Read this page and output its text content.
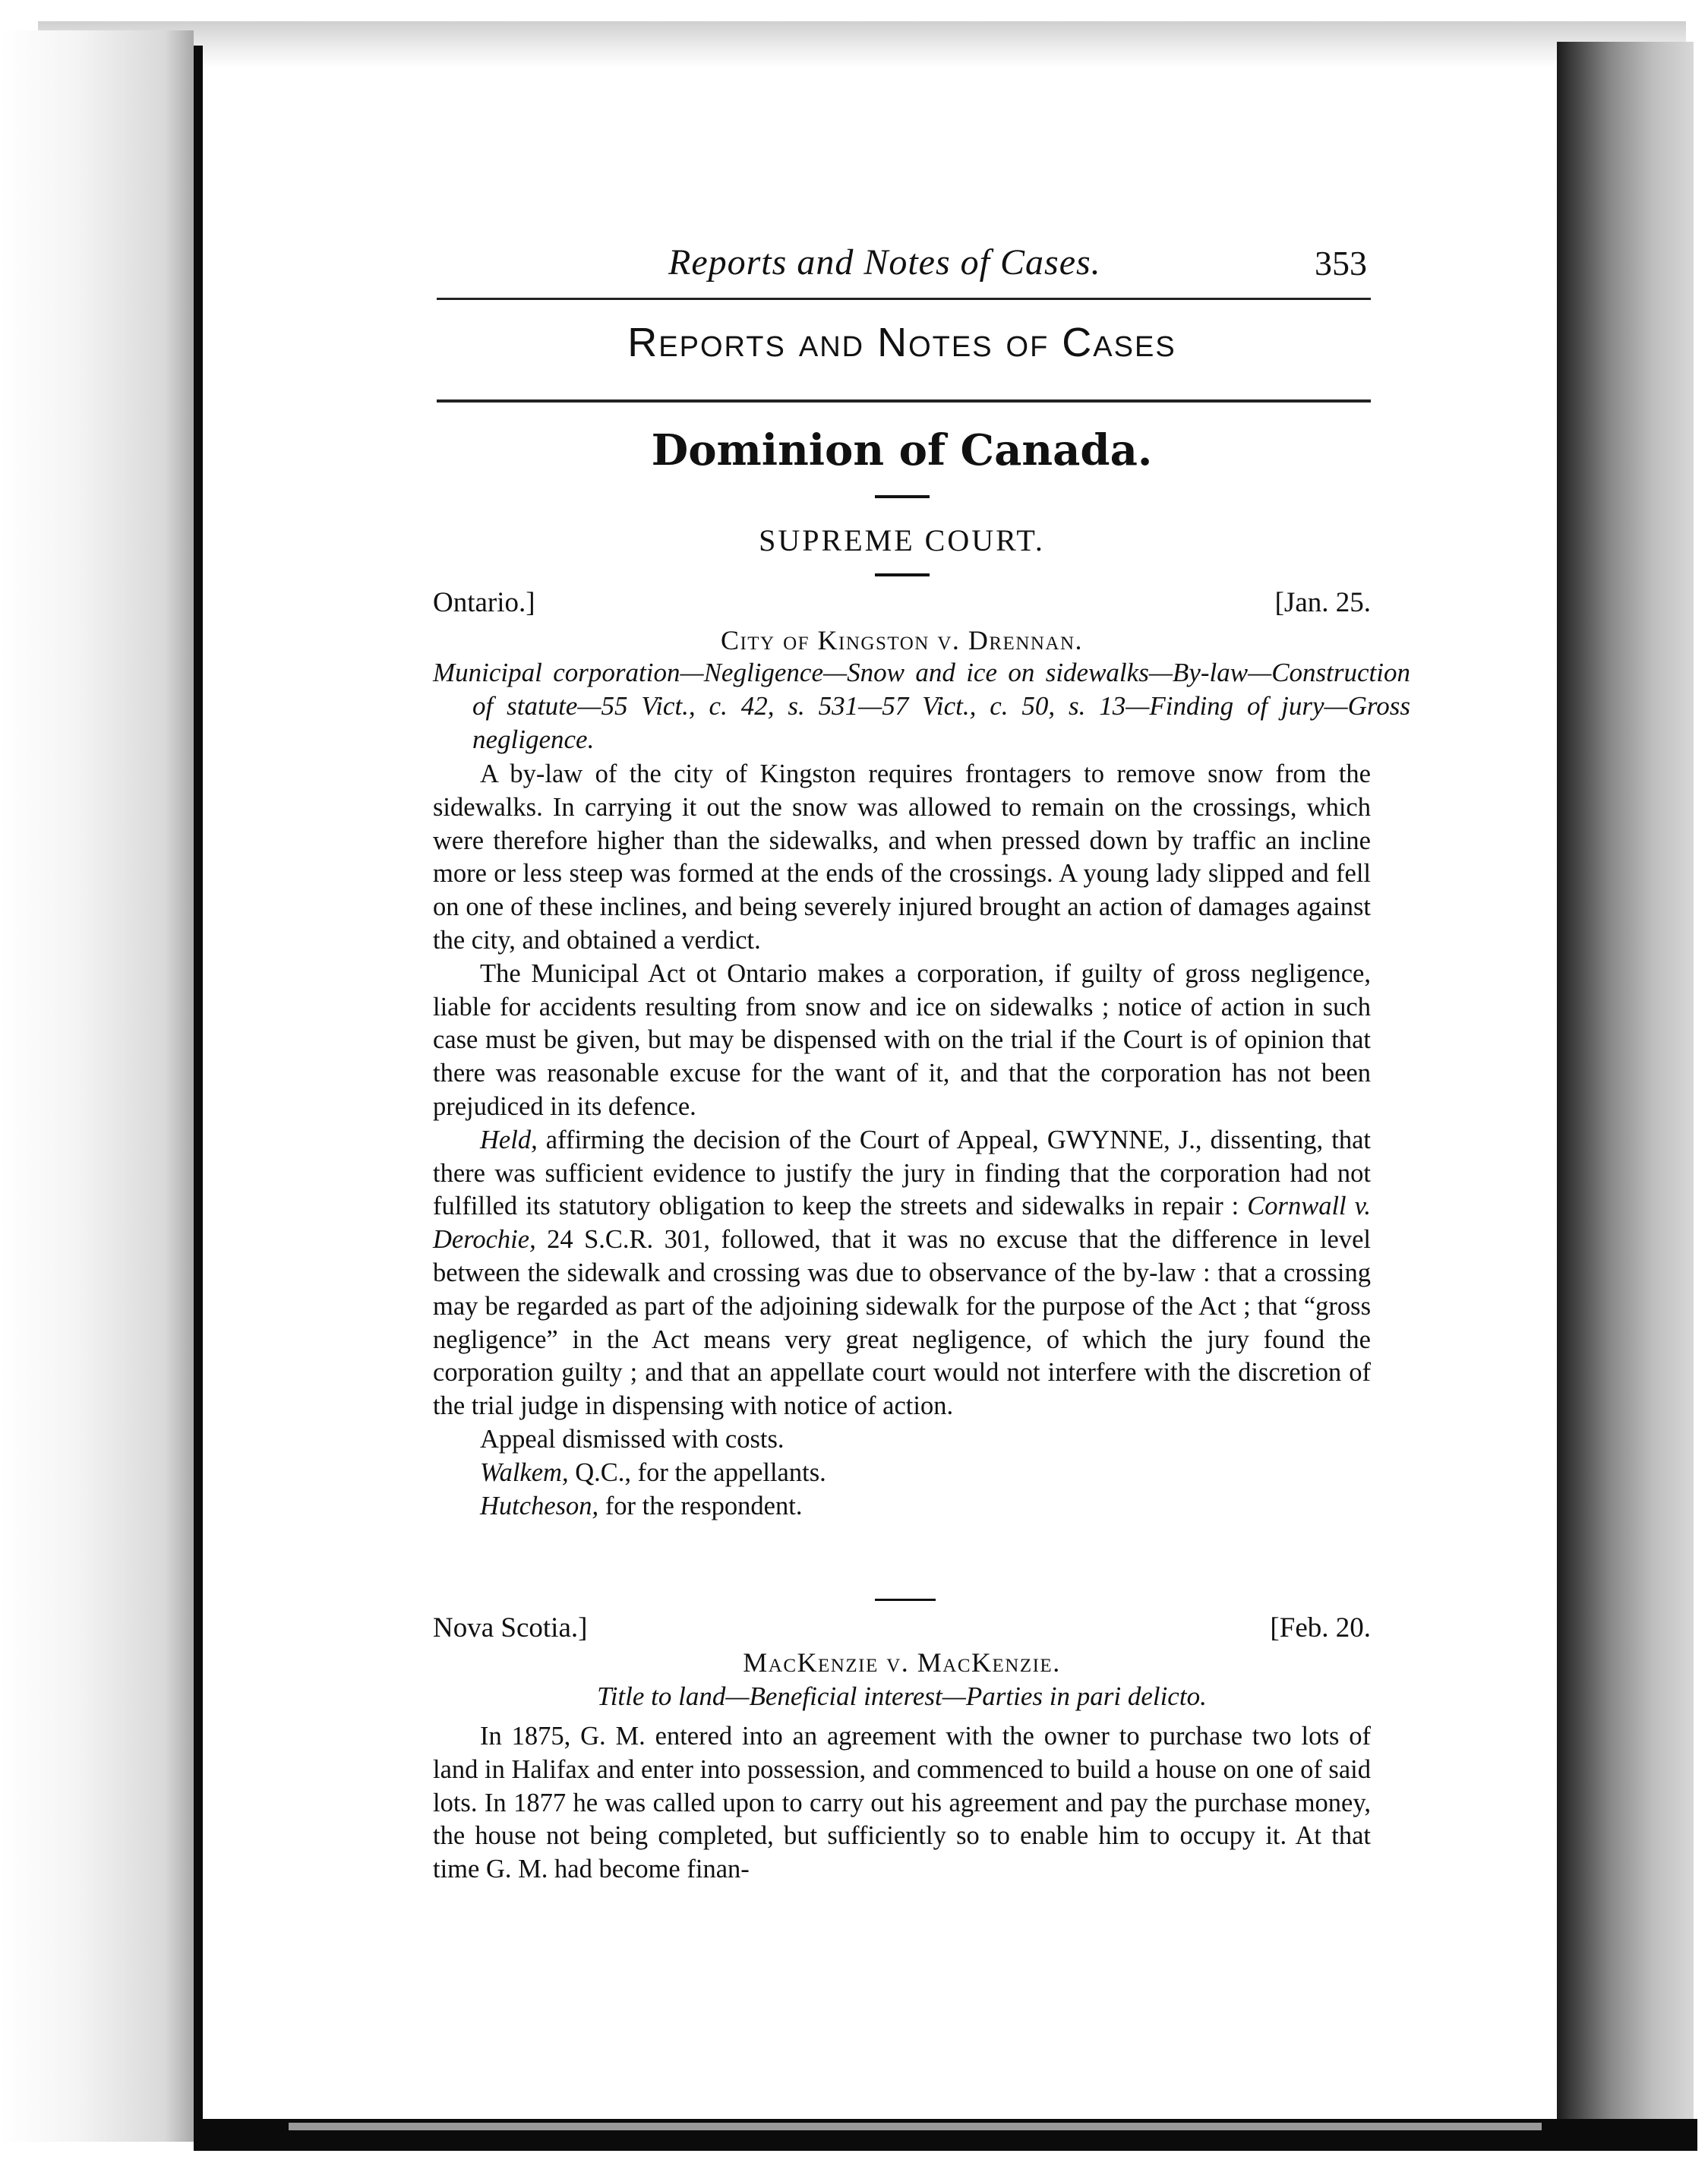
Reports and Notes of Cases.	353
Reports and Notes of Cases
Dominion of Canada.
SUPREME COURT.
Ontario.]	[Jan. 25.
City of Kingston v. Drennan.
Municipal corporation—Negligence—Snow and ice on sidewalks—By-law—Construction of statute—55 Vict., c. 42, s. 531—57 Vict., c. 50, s. 13—Finding of jury—Gross negligence.

A by-law of the city of Kingston requires frontagers to remove snow from the sidewalks. In carrying it out the snow was allowed to remain on the crossings, which were therefore higher than the sidewalks, and when pressed down by traffic an incline more or less steep was formed at the ends of the crossings. A young lady slipped and fell on one of these inclines, and being severely injured brought an action of damages against the city, and obtained a verdict.

The Municipal Act ot Ontario makes a corporation, if guilty of gross negligence, liable for accidents resulting from snow and ice on sidewalks ; notice of action in such case must be given, but may be dispensed with on the trial if the Court is of opinion that there was reasonable excuse for the want of it, and that the corporation has not been prejudiced in its defence.

Held, affirming the decision of the Court of Appeal, GWYNNE, J., dissenting, that there was sufficient evidence to justify the jury in finding that the corporation had not fulfilled its statutory obligation to keep the streets and sidewalks in repair : Cornwall v. Derochie, 24 S.C.R. 301, followed, that it was no excuse that the difference in level between the sidewalk and crossing was due to observance of the by-law : that a crossing may be regarded as part of the adjoining sidewalk for the purpose of the Act ; that “gross negligence” in the Act means very great negligence, of which the jury found the corporation guilty ; and that an appellate court would not interfere with the discretion of the trial judge in dispensing with notice of action.

Appeal dismissed with costs.

Walkem, Q.C., for the appellants.

Hutcheson, for the respondent.

Nova Scotia.]	[Feb. 20.
MacKenzie v. MacKenzie.
Title to land—Beneficial interest—Parties in pari delicto.

In 1875, G. M. entered into an agreement with the owner to purchase two lots of land in Halifax and enter into possession, and commenced to build a house on one of said lots. In 1877 he was called upon to carry out his agreement and pay the purchase money, the house not being completed, but sufficiently so to enable him to occupy it. At that time G. M. had become finan-
